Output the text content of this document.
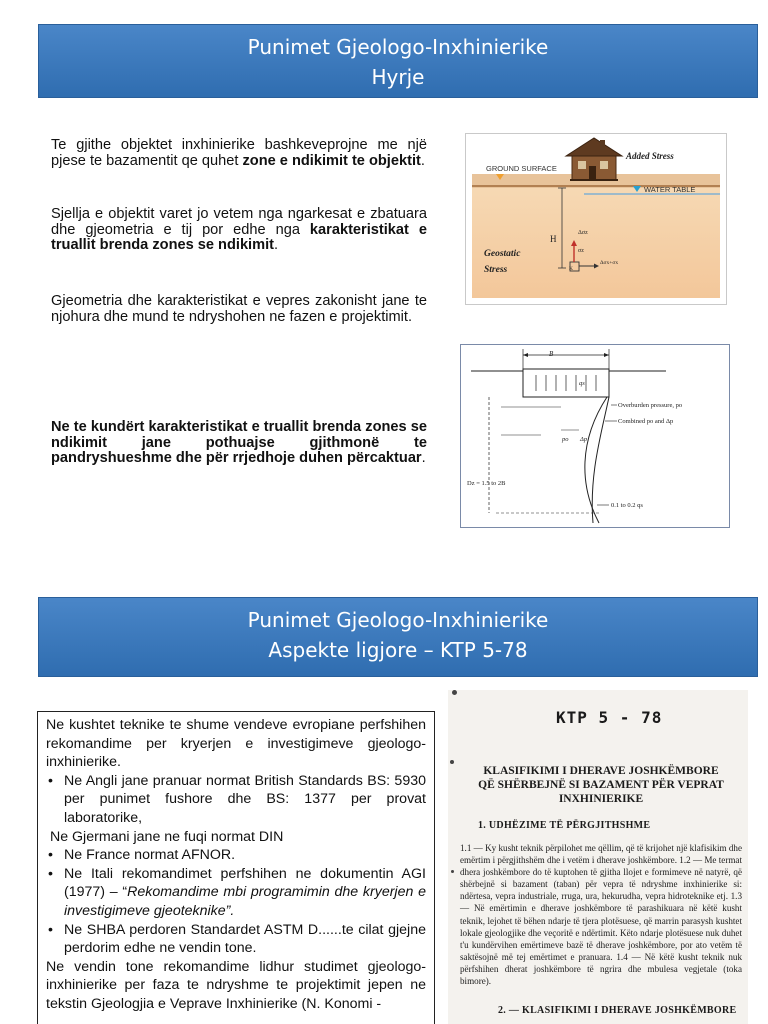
Punimet Gjeologo-Inxhinierike
Hyrje
Te gjithe objektet inxhinierike bashkeveprojne me një pjese te bazamentit qe quhet zone e ndikimit te objektit.
Sjellja e objektit varet jo vetem nga ngarkesat e zbatuara dhe gjeometria e tij por edhe nga karakteristikat e truallit brenda zones se ndikimit.
Gjeometria dhe karakteristikat e vepres zakonisht jane te njohura dhe mund te ndryshohen ne fazen e projektimit.
Ne te kundërt karakteristikat e truallit brenda zones se ndikimit jane pothuajse gjithmonë te pandryshueshme dhe për rrjedhoje duhen përcaktuar.
GROUND SURFACE
Added Stress
WATER TABLE
H
K
Δσz
σz
Δσx+σx
Geostatic
Stress
B
qs
po Δp
Dz = 1.5 to 2B
Overburden pressure, po
Combined po and Δp
0.1 to 0.2 qs
Punimet Gjeologo-Inxhinierike
Aspekte ligjore – KTP 5-78

Ne kushtet teknike te shume vendeve evropiane perfshihen rekomandime per kryerjen e investigimeve gjeologo-inxhinierike.

• Ne Angli jane pranuar normat British Standards BS: 5930 per punimet fushore dhe BS: 1377 per provat laboratorike,

Ne Gjermani jane ne fuqi normat DIN

• Ne France normat AFNOR.
• Ne Itali rekomandimet perfshihen ne dokumentin AGI (1977) – “Rekomandime mbi programimin dhe kryerjen e investigimeve gjeoteknike”.
• Ne SHBA perdoren Standardet ASTM D......te cilat gjejne perdorim edhe ne vendin tone.

Ne vendin tone rekomandime lidhur studimet gjeologo-inxhinierike per faza te ndryshme te projektimit jepen ne tekstin Gjeologjia e Veprave Inxhinierike (N. Konomi -

KTP 5 - 78
KLASIFIKIMI I DHERAVE JOSHKËMBORE
QË SHËRBEJNË SI BAZAMENT PËR VEPRAT
INXHINIERIKE
1. UDHËZIME TË PËRGJITHSHME
1.1 — Ky kusht teknik përpilohet me qëllim, që të krijohet një klafisikim dhe emërtim i përgjithshëm dhe i vetëm i dherave joshkëmbore. 1.2 — Me termat dhera joshkëmbore do të kuptohen të gjitha llojet e formimeve në natyrë, që shërbejnë si bazament (taban) për vepra të ndryshme inxhinierike si: ndërtesa, vepra industriale, rruga, ura, hekurudha, vepra hidroteknike etj. 1.3 — Në emërtimin e dherave joshkëmbore të parashikuara në këtë kusht teknik, lejohet të bëhen ndarje të tjera plotësuese, që marrin parasysh kushtet lokale gjeologjike dhe veçoritë e ndërtimit. Këto ndarje plotësuese nuk duhet t'u kundërvihen emërtimeve bazë të dherave joshkëmbore, por ato vetëm të saktësojnë më tej emërtimet e pranuara. 1.4 — Në këtë kusht teknik nuk përfshihen dherat joshkëmbore të ngrira dhe mbulesa vegjetale (toka bimore).
2. — KLASIFIKIMI I DHERAVE JOSHKËMBORE
